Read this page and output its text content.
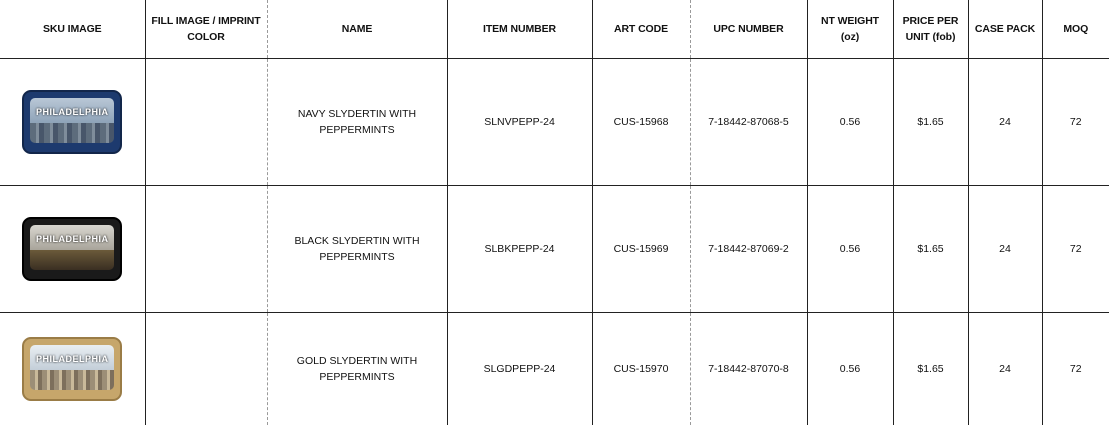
SKU IMAGE	FILL IMAGE / IMPRINT COLOR	NAME	ITEM NUMBER	ART CODE	UPC NUMBER	NT WEIGHT (oz)	PRICE PER UNIT (fob)	CASE PACK	MOQ

PHILADELPHIA		NAVY SLYDERTIN WITH PEPPERMINTS	SLNVPEPP-24	CUS-15968	7-18442-87068-5	0.56	$1.65	24	72

PHILADELPHIA		BLACK SLYDERTIN WITH PEPPERMINTS	SLBKPEPP-24	CUS-15969	7-18442-87069-2	0.56	$1.65	24	72

PHILADELPHIA		GOLD SLYDERTIN WITH PEPPERMINTS	SLGDPEPP-24	CUS-15970	7-18442-87070-8	0.56	$1.65	24	72
